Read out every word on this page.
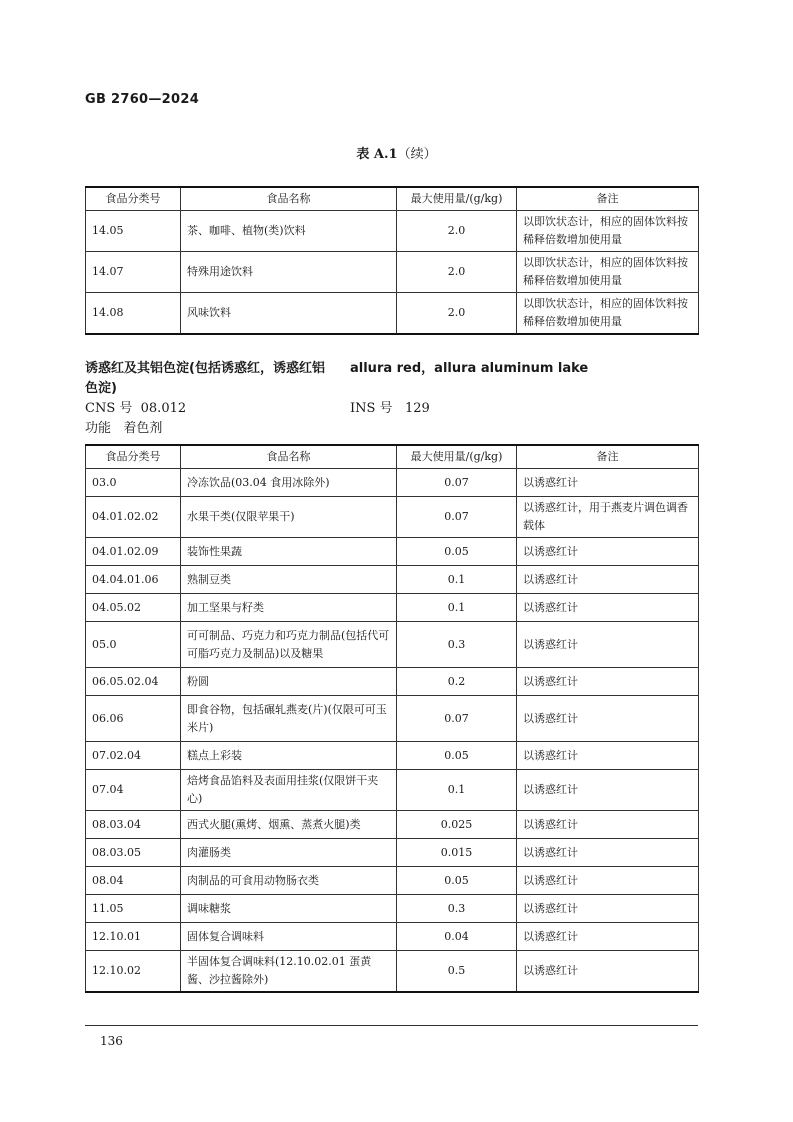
GB 2760—2024
表 A.1（续）
食品分类号	食品名称	最大使用量/(g/kg)	备注
14.05	茶、咖啡、植物(类)饮料	2.0	以即饮状态计，相应的固体饮料按稀释倍数增加使用量
14.07	特殊用途饮料	2.0	以即饮状态计，相应的固体饮料按稀释倍数增加使用量
14.08	风味饮料	2.0	以即饮状态计，相应的固体饮料按稀释倍数增加使用量
诱惑红及其铝色淀(包括诱惑红，诱惑红铝 allura red，allura aluminum lake
色淀)
CNS 号 08.012	INS 号 129
功能 着色剂
食品分类号	食品名称	最大使用量/(g/kg)	备注
03.0	冷冻饮品(03.04 食用冰除外)	0.07	以诱惑红计
04.01.02.02	水果干类(仅限苹果干)	0.07	以诱惑红计，用于燕麦片调色调香载体
04.01.02.09	装饰性果蔬	0.05	以诱惑红计
04.04.01.06	熟制豆类	0.1	以诱惑红计
04.05.02	加工坚果与籽类	0.1	以诱惑红计
05.0	可可制品、巧克力和巧克力制品(包括代可可脂巧克力及制品)以及糖果	0.3	以诱惑红计
06.05.02.04	粉圆	0.2	以诱惑红计
06.06	即食谷物，包括碾轧燕麦(片)(仅限可可玉米片)	0.07	以诱惑红计
07.02.04	糕点上彩装	0.05	以诱惑红计
07.04	焙烤食品馅料及表面用挂浆(仅限饼干夹心)	0.1	以诱惑红计
08.03.04	西式火腿(熏烤、烟熏、蒸煮火腿)类	0.025	以诱惑红计
08.03.05	肉灌肠类	0.015	以诱惑红计
08.04	肉制品的可食用动物肠衣类	0.05	以诱惑红计
11.05	调味糖浆	0.3	以诱惑红计
12.10.01	固体复合调味料	0.04	以诱惑红计
12.10.02	半固体复合调味料(12.10.02.01 蛋黄酱、沙拉酱除外)	0.5	以诱惑红计
136
